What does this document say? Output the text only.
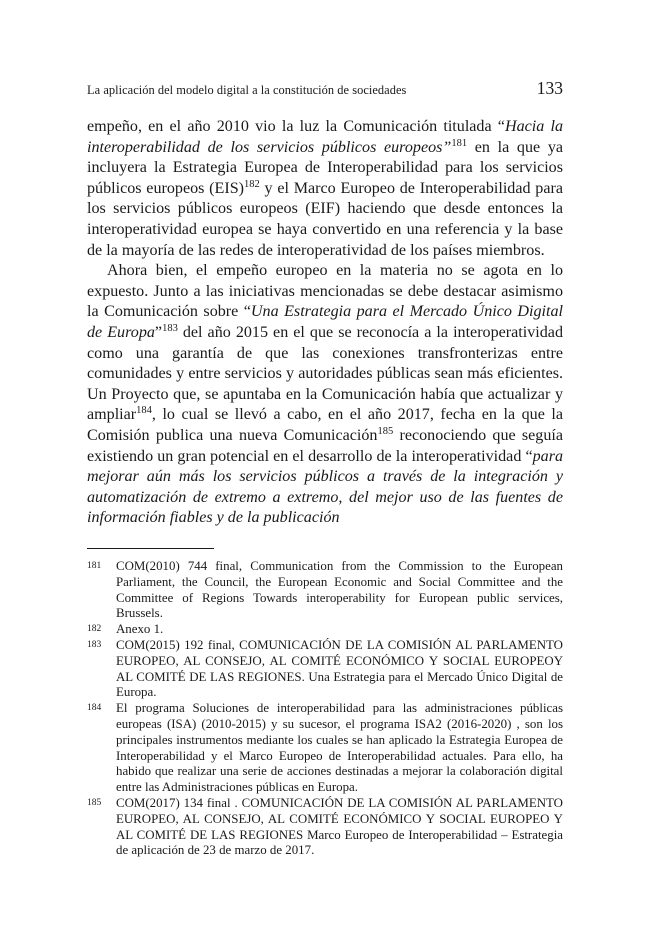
La aplicación del modelo digital a la constitución de sociedades	133

empeño, en el año 2010 vio la luz la Comunicación titulada “Hacia la interoperabilidad de los servicios públicos europeos”$^{181}$ en la que ya incluyera la Estrategia Europea de Interoperabilidad para los servicios públicos europeos (EIS)$^{182}$ y el Marco Europeo de Interoperabilidad para los servicios públicos europeos (EIF) haciendo que desde entonces la interoperatividad europea se haya convertido en una referencia y la base de la mayoría de las redes de interoperatividad de los países miembros.

Ahora bien, el empeño europeo en la materia no se agota en lo expuesto. Junto a las iniciativas mencionadas se debe destacar asimismo la Comunicación sobre “Una Estrategia para el Mercado Único Digital de Europa”$^{183}$ del año 2015 en el que se reconocía a la interoperatividad como una garantía de que las conexiones transfronterizas entre comunidades y entre servicios y autoridades públicas sean más eficientes. Un Proyecto que, se apuntaba en la Comunicación había que actualizar y ampliar$^{184}$, lo cual se llevó a cabo, en el año 2017, fecha en la que la Comisión publica una nueva Comunicación$^{185}$ reconociendo que seguía existiendo un gran potencial en el desarrollo de la interoperatividad “para mejorar aún más los servicios públicos a través de la integración y automatización de extremo a extremo, del mejor uso de las fuentes de información fiables y de la publicación

181	COM(2010) 744 final, Communication from the Commission to the European Parliament, the Council, the European Economic and Social Committee and the Committee of Regions Towards interoperability for European public services, Brussels.
182	Anexo 1.
183	COM(2015) 192 final, COMUNICACIÓN DE LA COMISIÓN AL PARLAMENTO EUROPEO, AL CONSEJO, AL COMITÉ ECONÓMICO Y SOCIAL EUROPEOY AL COMITÉ DE LAS REGIONES. Una Estrategia para el Mercado Único Digital de Europa.
184	El programa Soluciones de interoperabilidad para las administraciones públicas europeas (ISA) (2010-2015) y su sucesor, el programa ISA2 (2016-2020) , son los principales instrumentos mediante los cuales se han aplicado la Estrategia Europea de Interoperabilidad y el Marco Europeo de Interoperabilidad actuales. Para ello, ha habido que realizar una serie de acciones destinadas a mejorar la colaboración digital entre las Administraciones públicas en Europa.
185	COM(2017) 134 final . COMUNICACIÓN DE LA COMISIÓN AL PARLAMENTO EUROPEO, AL CONSEJO, AL COMITÉ ECONÓMICO Y SOCIAL EUROPEO Y AL COMITÉ DE LAS REGIONES Marco Europeo de Interoperabilidad – Estrategia de aplicación de 23 de marzo de 2017.
